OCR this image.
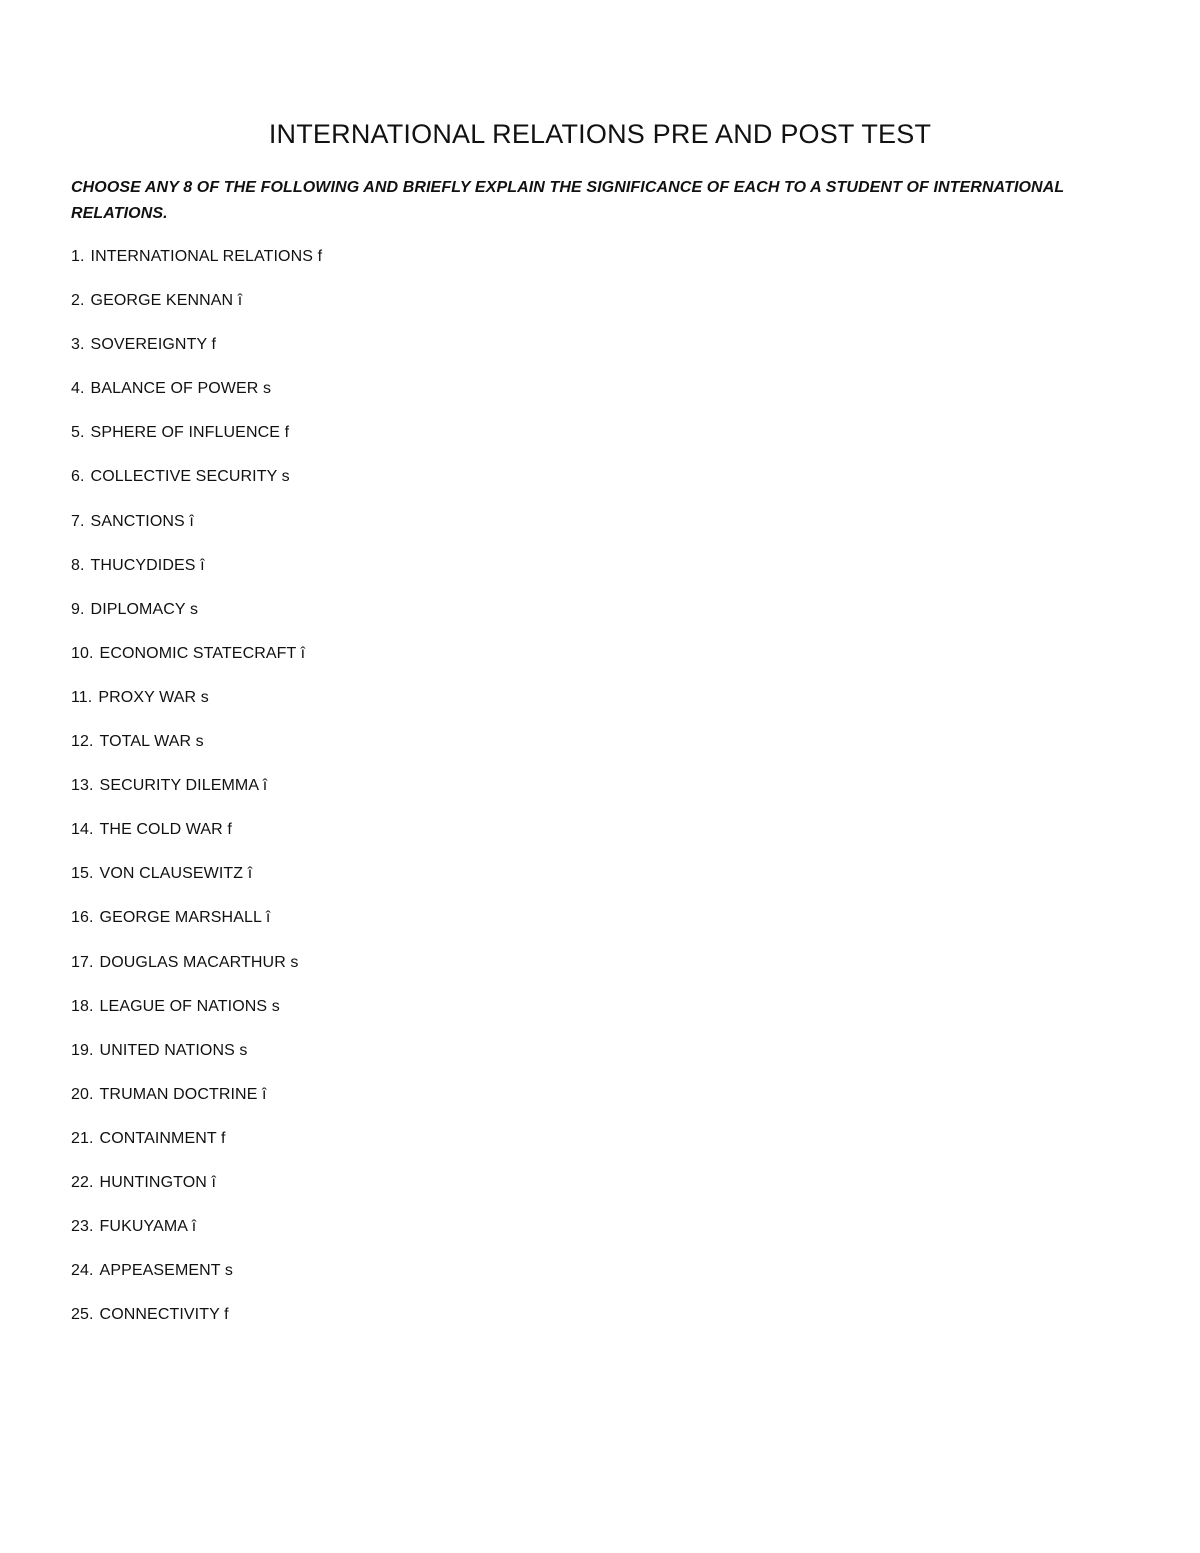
INTERNATIONAL RELATIONS PRE AND POST TEST
CHOOSE ANY 8 OF THE FOLLOWING AND BRIEFLY EXPLAIN THE SIGNIFICANCE OF EACH TO A STUDENT OF INTERNATIONAL RELATIONS.
1. INTERNATIONAL RELATIONS f
2. GEORGE KENNAN î
3. SOVEREIGNTY f
4. BALANCE OF POWER s
5. SPHERE OF INFLUENCE f
6. COLLECTIVE SECURITY s
7. SANCTIONS î
8. THUCYDIDES î
9. DIPLOMACY s
10. ECONOMIC STATECRAFT î
11. PROXY WAR s
12. TOTAL WAR s
13. SECURITY DILEMMA î
14. THE COLD WAR f
15. VON CLAUSEWITZ î
16. GEORGE MARSHALL î
17. DOUGLAS MACARTHUR s
18. LEAGUE OF NATIONS s
19. UNITED NATIONS s
20. TRUMAN DOCTRINE î
21. CONTAINMENT f
22. HUNTINGTON î
23. FUKUYAMA î
24. APPEASEMENT s
25. CONNECTIVITY f
